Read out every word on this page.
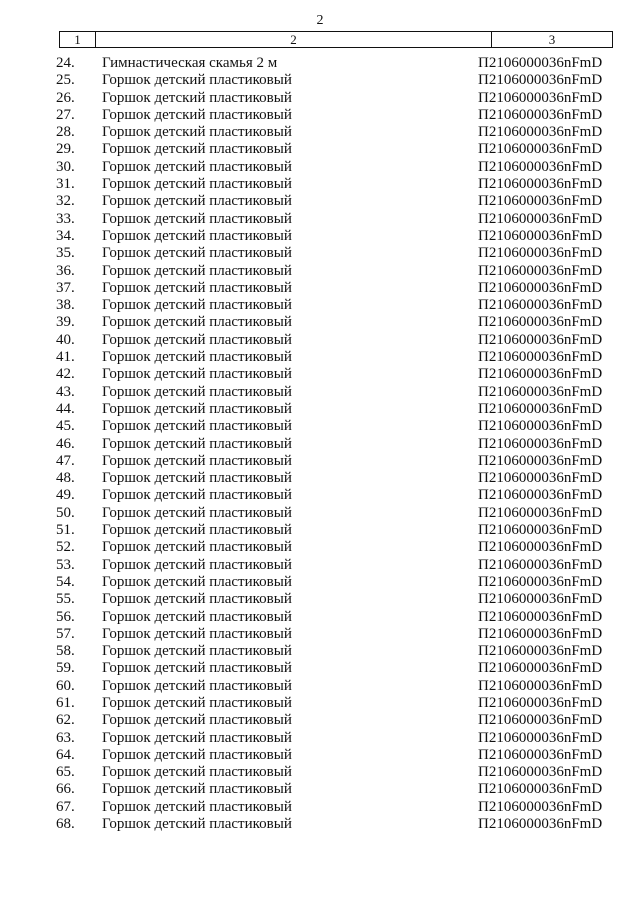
2
1	2	3
24.	Гимнастическая скамья 2 м	П2106000036nFmD
25.	Горшок детский пластиковый	П2106000036nFmD
26.	Горшок детский пластиковый	П2106000036nFmD
27.	Горшок детский пластиковый	П2106000036nFmD
28.	Горшок детский пластиковый	П2106000036nFmD
29.	Горшок детский пластиковый	П2106000036nFmD
30.	Горшок детский пластиковый	П2106000036nFmD
31.	Горшок детский пластиковый	П2106000036nFmD
32.	Горшок детский пластиковый	П2106000036nFmD
33.	Горшок детский пластиковый	П2106000036nFmD
34.	Горшок детский пластиковый	П2106000036nFmD
35.	Горшок детский пластиковый	П2106000036nFmD
36.	Горшок детский пластиковый	П2106000036nFmD
37.	Горшок детский пластиковый	П2106000036nFmD
38.	Горшок детский пластиковый	П2106000036nFmD
39.	Горшок детский пластиковый	П2106000036nFmD
40.	Горшок детский пластиковый	П2106000036nFmD
41.	Горшок детский пластиковый	П2106000036nFmD
42.	Горшок детский пластиковый	П2106000036nFmD
43.	Горшок детский пластиковый	П2106000036nFmD
44.	Горшок детский пластиковый	П2106000036nFmD
45.	Горшок детский пластиковый	П2106000036nFmD
46.	Горшок детский пластиковый	П2106000036nFmD
47.	Горшок детский пластиковый	П2106000036nFmD
48.	Горшок детский пластиковый	П2106000036nFmD
49.	Горшок детский пластиковый	П2106000036nFmD
50.	Горшок детский пластиковый	П2106000036nFmD
51.	Горшок детский пластиковый	П2106000036nFmD
52.	Горшок детский пластиковый	П2106000036nFmD
53.	Горшок детский пластиковый	П2106000036nFmD
54.	Горшок детский пластиковый	П2106000036nFmD
55.	Горшок детский пластиковый	П2106000036nFmD
56.	Горшок детский пластиковый	П2106000036nFmD
57.	Горшок детский пластиковый	П2106000036nFmD
58.	Горшок детский пластиковый	П2106000036nFmD
59.	Горшок детский пластиковый	П2106000036nFmD
60.	Горшок детский пластиковый	П2106000036nFmD
61.	Горшок детский пластиковый	П2106000036nFmD
62.	Горшок детский пластиковый	П2106000036nFmD
63.	Горшок детский пластиковый	П2106000036nFmD
64.	Горшок детский пластиковый	П2106000036nFmD
65.	Горшок детский пластиковый	П2106000036nFmD
66.	Горшок детский пластиковый	П2106000036nFmD
67.	Горшок детский пластиковый	П2106000036nFmD
68.	Горшок детский пластиковый	П2106000036nFmD
